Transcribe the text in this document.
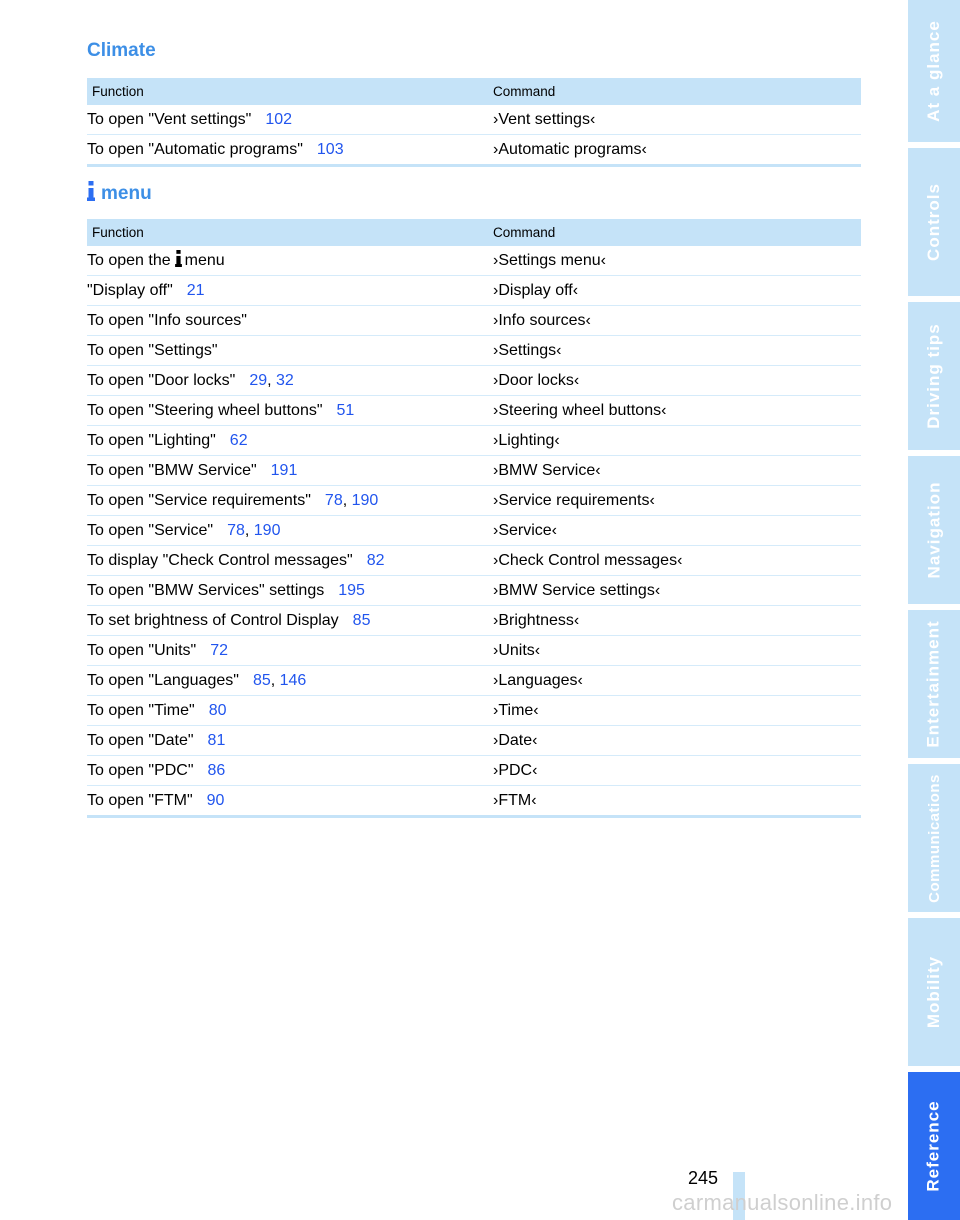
Climate
Function	Command
To open "Vent settings" 102	›Vent settings‹
To open "Automatic programs" 103	›Automatic programs‹
menu
Function	Command
To open the menu	›Settings menu‹
"Display off" 21	›Display off‹
To open "Info sources"	›Info sources‹
To open "Settings"	›Settings‹
To open "Door locks" 29, 32	›Door locks‹
To open "Steering wheel buttons" 51	›Steering wheel buttons‹
To open "Lighting" 62	›Lighting‹
To open "BMW Service" 191	›BMW Service‹
To open "Service requirements" 78, 190	›Service requirements‹
To open "Service" 78, 190	›Service‹
To display "Check Control messages" 82	›Check Control messages‹
To open "BMW Services" settings 195	›BMW Service settings‹
To set brightness of Control Display 85	›Brightness‹
To open "Units" 72	›Units‹
To open "Languages" 85, 146	›Languages‹
To open "Time" 80	›Time‹
To open "Date" 81	›Date‹
To open "PDC" 86	›PDC‹
To open "FTM" 90	›FTM‹
At a glance
Controls
Driving tips
Navigation
Entertainment
Communications
Mobility
Reference
245
carmanualsonline.info
